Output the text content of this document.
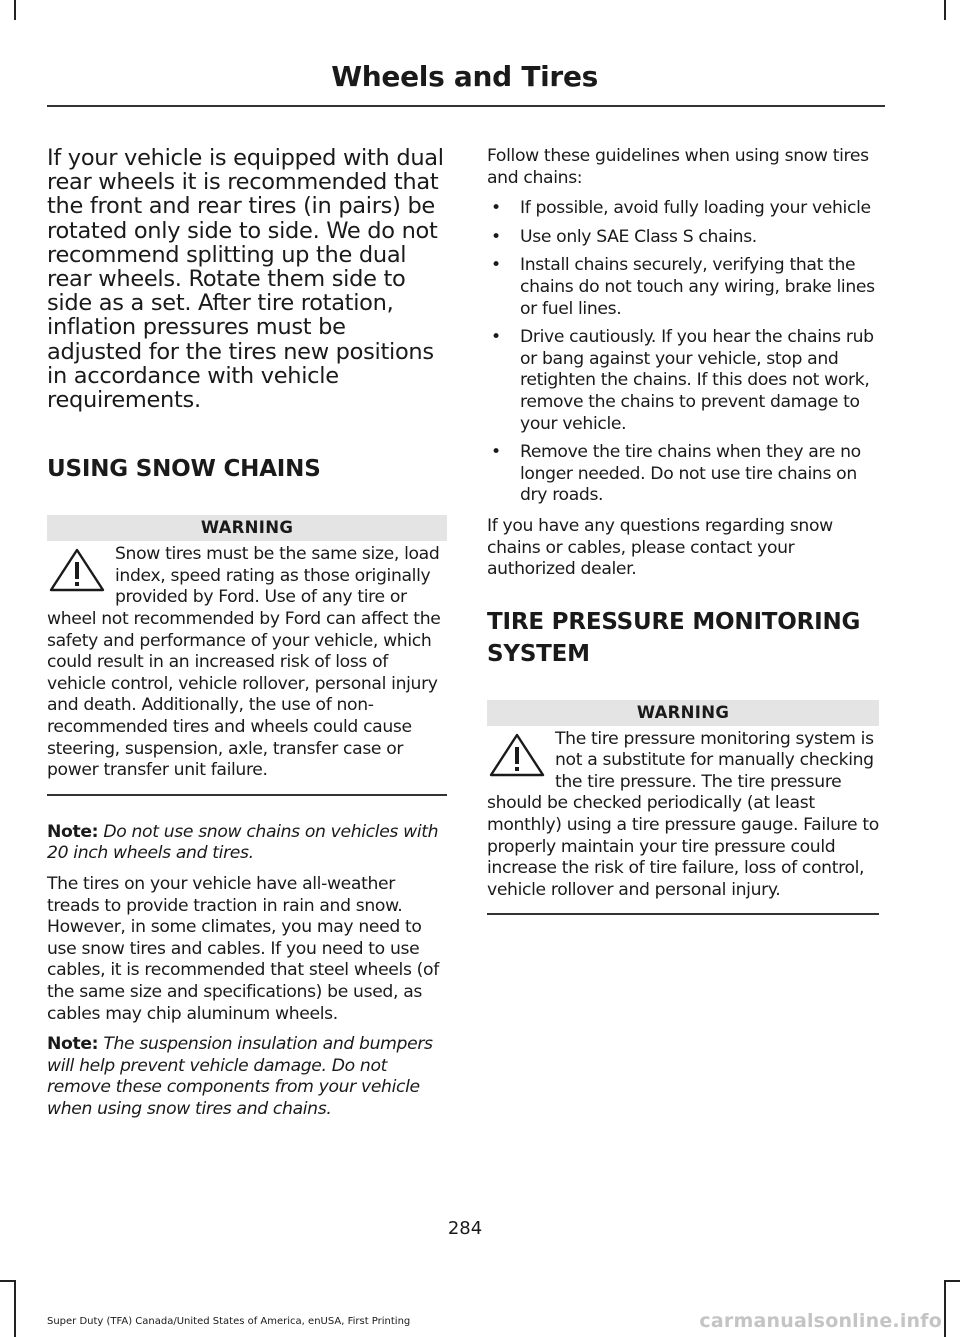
Wheels and Tires

If your vehicle is equipped with dual rear wheels it is recommended that the front and rear tires (in pairs) be rotated only side to side. We do not recommend splitting up the dual rear wheels. Rotate them side to side as a set. After tire rotation, inflation pressures must be adjusted for the tires new positions in accordance with vehicle requirements.

USING SNOW CHAINS
WARNING

Snow tires must be the same size, load index, speed rating as those originally provided by Ford. Use of any tire or wheel not recommended by Ford can affect the safety and performance of your vehicle, which could result in an increased risk of loss of vehicle control, vehicle rollover, personal injury and death. Additionally, the use of non-recommended tires and wheels could cause steering, suspension, axle, transfer case or power transfer unit failure.

Note: Do not use snow chains on vehicles with 20 inch wheels and tires.

The tires on your vehicle have all-weather treads to provide traction in rain and snow. However, in some climates, you may need to use snow tires and cables. If you need to use cables, it is recommended that steel wheels (of the same size and specifications) be used, as cables may chip aluminum wheels.

Note: The suspension insulation and bumpers will help prevent vehicle damage. Do not remove these components from your vehicle when using snow tires and chains.

Follow these guidelines when using snow tires and chains:

• If possible, avoid fully loading your vehicle
• Use only SAE Class S chains.
• Install chains securely, verifying that the chains do not touch any wiring, brake lines or fuel lines.
• Drive cautiously. If you hear the chains rub or bang against your vehicle, stop and retighten the chains. If this does not work, remove the chains to prevent damage to your vehicle.
• Remove the tire chains when they are no longer needed. Do not use tire chains on dry roads.

If you have any questions regarding snow chains or cables, please contact your authorized dealer.

TIRE PRESSURE MONITORING
SYSTEM
WARNING

The tire pressure monitoring system is not a substitute for manually checking the tire pressure. The tire pressure should be checked periodically (at least monthly) using a tire pressure gauge. Failure to properly maintain your tire pressure could increase the risk of tire failure, loss of control, vehicle rollover and personal injury.

284
Super Duty (TFA) Canada/United States of America, enUSA, First Printing	carmanualsonline.info
